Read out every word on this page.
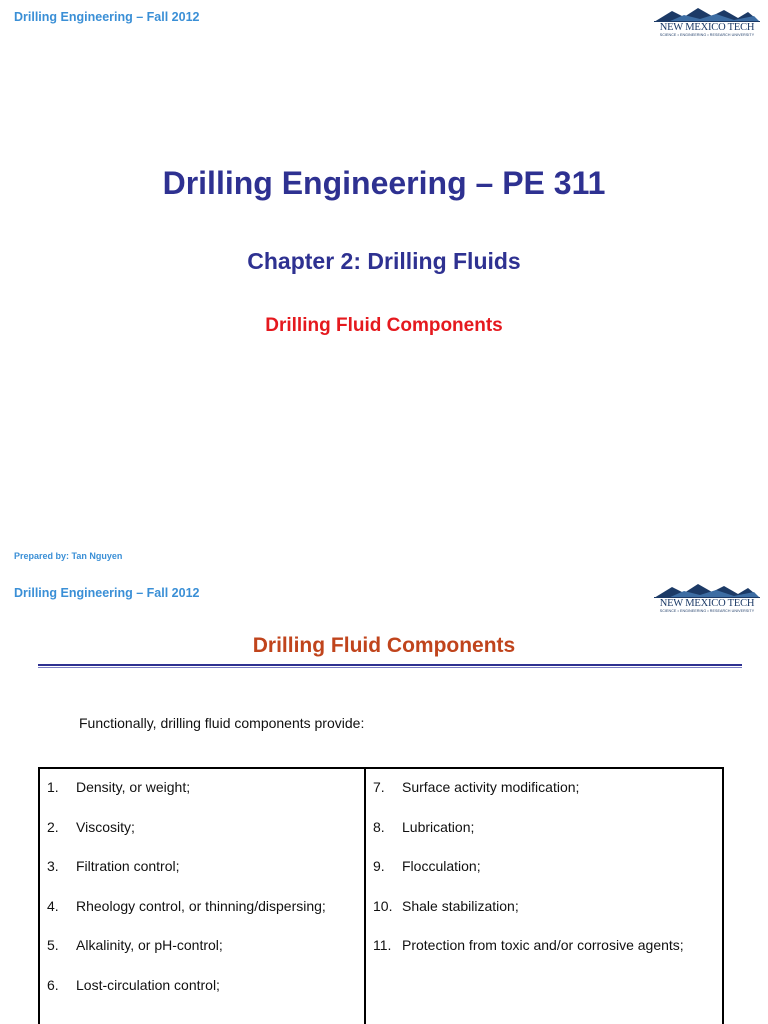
Drilling Engineering – Fall 2012
NEW MEXICO TECH
SCIENCE • ENGINEERING • RESEARCH UNIVERSITY
Drilling Engineering – PE 311
Chapter 2: Drilling Fluids
Drilling Fluid Components
Prepared by: Tan Nguyen
Drilling Engineering – Fall 2012
NEW MEXICO TECH
SCIENCE • ENGINEERING • RESEARCH UNIVERSITY
Drilling Fluid Components
Functionally, drilling fluid components provide:
1. Density, or weight;
2. Viscosity;
3. Filtration control;
4. Rheology control, or thinning/dispersing;
5. Alkalinity, or pH-control;
6. Lost-circulation control;
7. Surface activity modification;
8. Lubrication;
9. Flocculation;
10. Shale stabilization;
11. Protection from toxic and/or corrosive agents;
